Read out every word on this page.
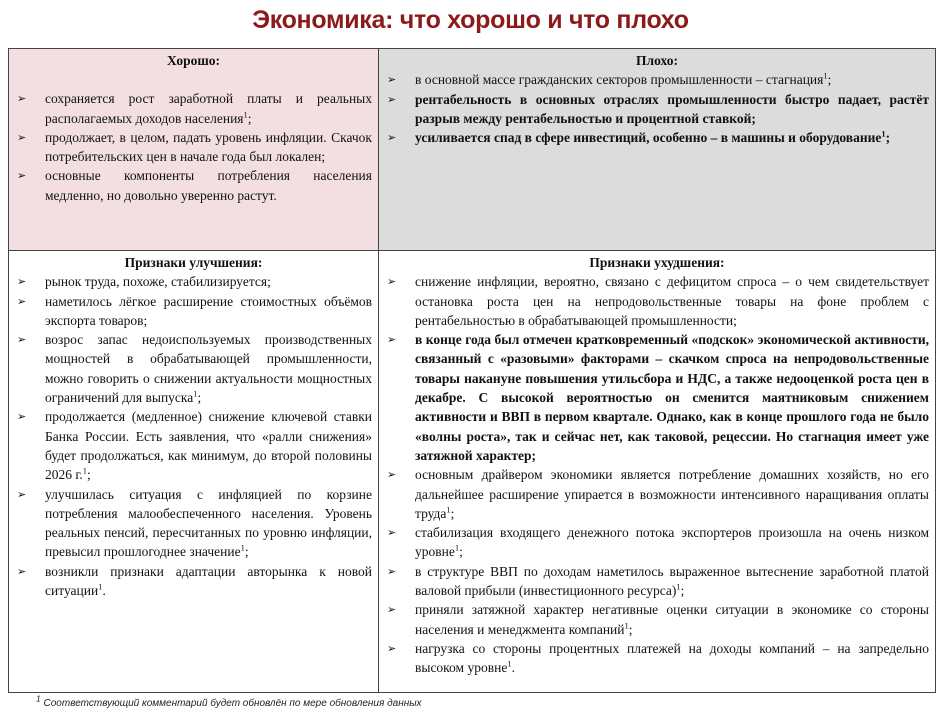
Экономика: что хорошо и что плохо

Хорошо:

➢ сохраняется рост заработной платы и реальных располагаемых доходов населения$^1$;
➢ продолжает, в целом, падать уровень инфляции. Скачок потребительских цен в начале года был локален;
➢ основные компоненты потребления населения медленно, но довольно уверенно растут.

Плохо:

➢ в основной массе гражданских секторов промышленности – стагнация$^1$;
➢ рентабельность в основных отраслях промышленности быстро падает, растёт разрыв между рентабельностью и процентной ставкой;
➢ усиливается спад в сфере инвестиций, особенно – в машины и оборудование$^1$;

Признаки улучшения:

➢ рынок труда, похоже, стабилизируется;
➢ наметилось лёгкое расширение стоимостных объёмов экспорта товаров;
➢ возрос запас недоиспользуемых производственных мощностей в обрабатывающей промышленности, можно говорить о снижении актуальности мощностных ограничений для выпуска$^1$;
➢ продолжается (медленное) снижение ключевой ставки Банка России. Есть заявления, что «ралли снижения» будет продолжаться, как минимум, до второй половины 2026 г.$^1$;
➢ улучшилась ситуация с инфляцией по корзине потребления малообеспеченного населения. Уровень реальных пенсий, пересчитанных по уровню инфляции, превысил прошлогоднее значение$^1$;
➢ возникли признаки адаптации авторынка к новой ситуации$^1$.

Признаки ухудшения:

➢ снижение инфляции, вероятно, связано с дефицитом спроса – о чем свидетельствует остановка роста цен на непродовольственные товары на фоне проблем с рентабельностью в обрабатывающей промышленности;
➢ в конце года был отмечен кратковременный «подскок» экономической активности, связанный с «разовыми» факторами – скачком спроса на непродовольственные товары накануне повышения утильсбора и НДС, а также недооценкой роста цен в декабре. С высокой вероятностью он сменится маятниковым снижением активности и ВВП в первом квартале. Однако, как в конце прошлого года не было «волны роста», так и сейчас нет, как таковой, рецессии. Но стагнация имеет уже затяжной характер;
➢ основным драйвером экономики является потребление домашних хозяйств, но его дальнейшее расширение упирается в возможности интенсивного наращивания оплаты труда$^1$;
➢ стабилизация входящего денежного потока экспортеров произошла на очень низком уровне$^1$;
➢ в структуре ВВП по доходам наметилось выраженное вытеснение заработной платой валовой прибыли (инвестиционного ресурса)$^1$;
➢ приняли затяжной характер негативные оценки ситуации в экономике со стороны населения и менеджмента компаний$^1$;
➢ нагрузка со стороны процентных платежей на доходы компаний – на запредельно высоком уровне$^1$.
$^1$ Соответствующий комментарий будет обновлён по мере обновления данных
